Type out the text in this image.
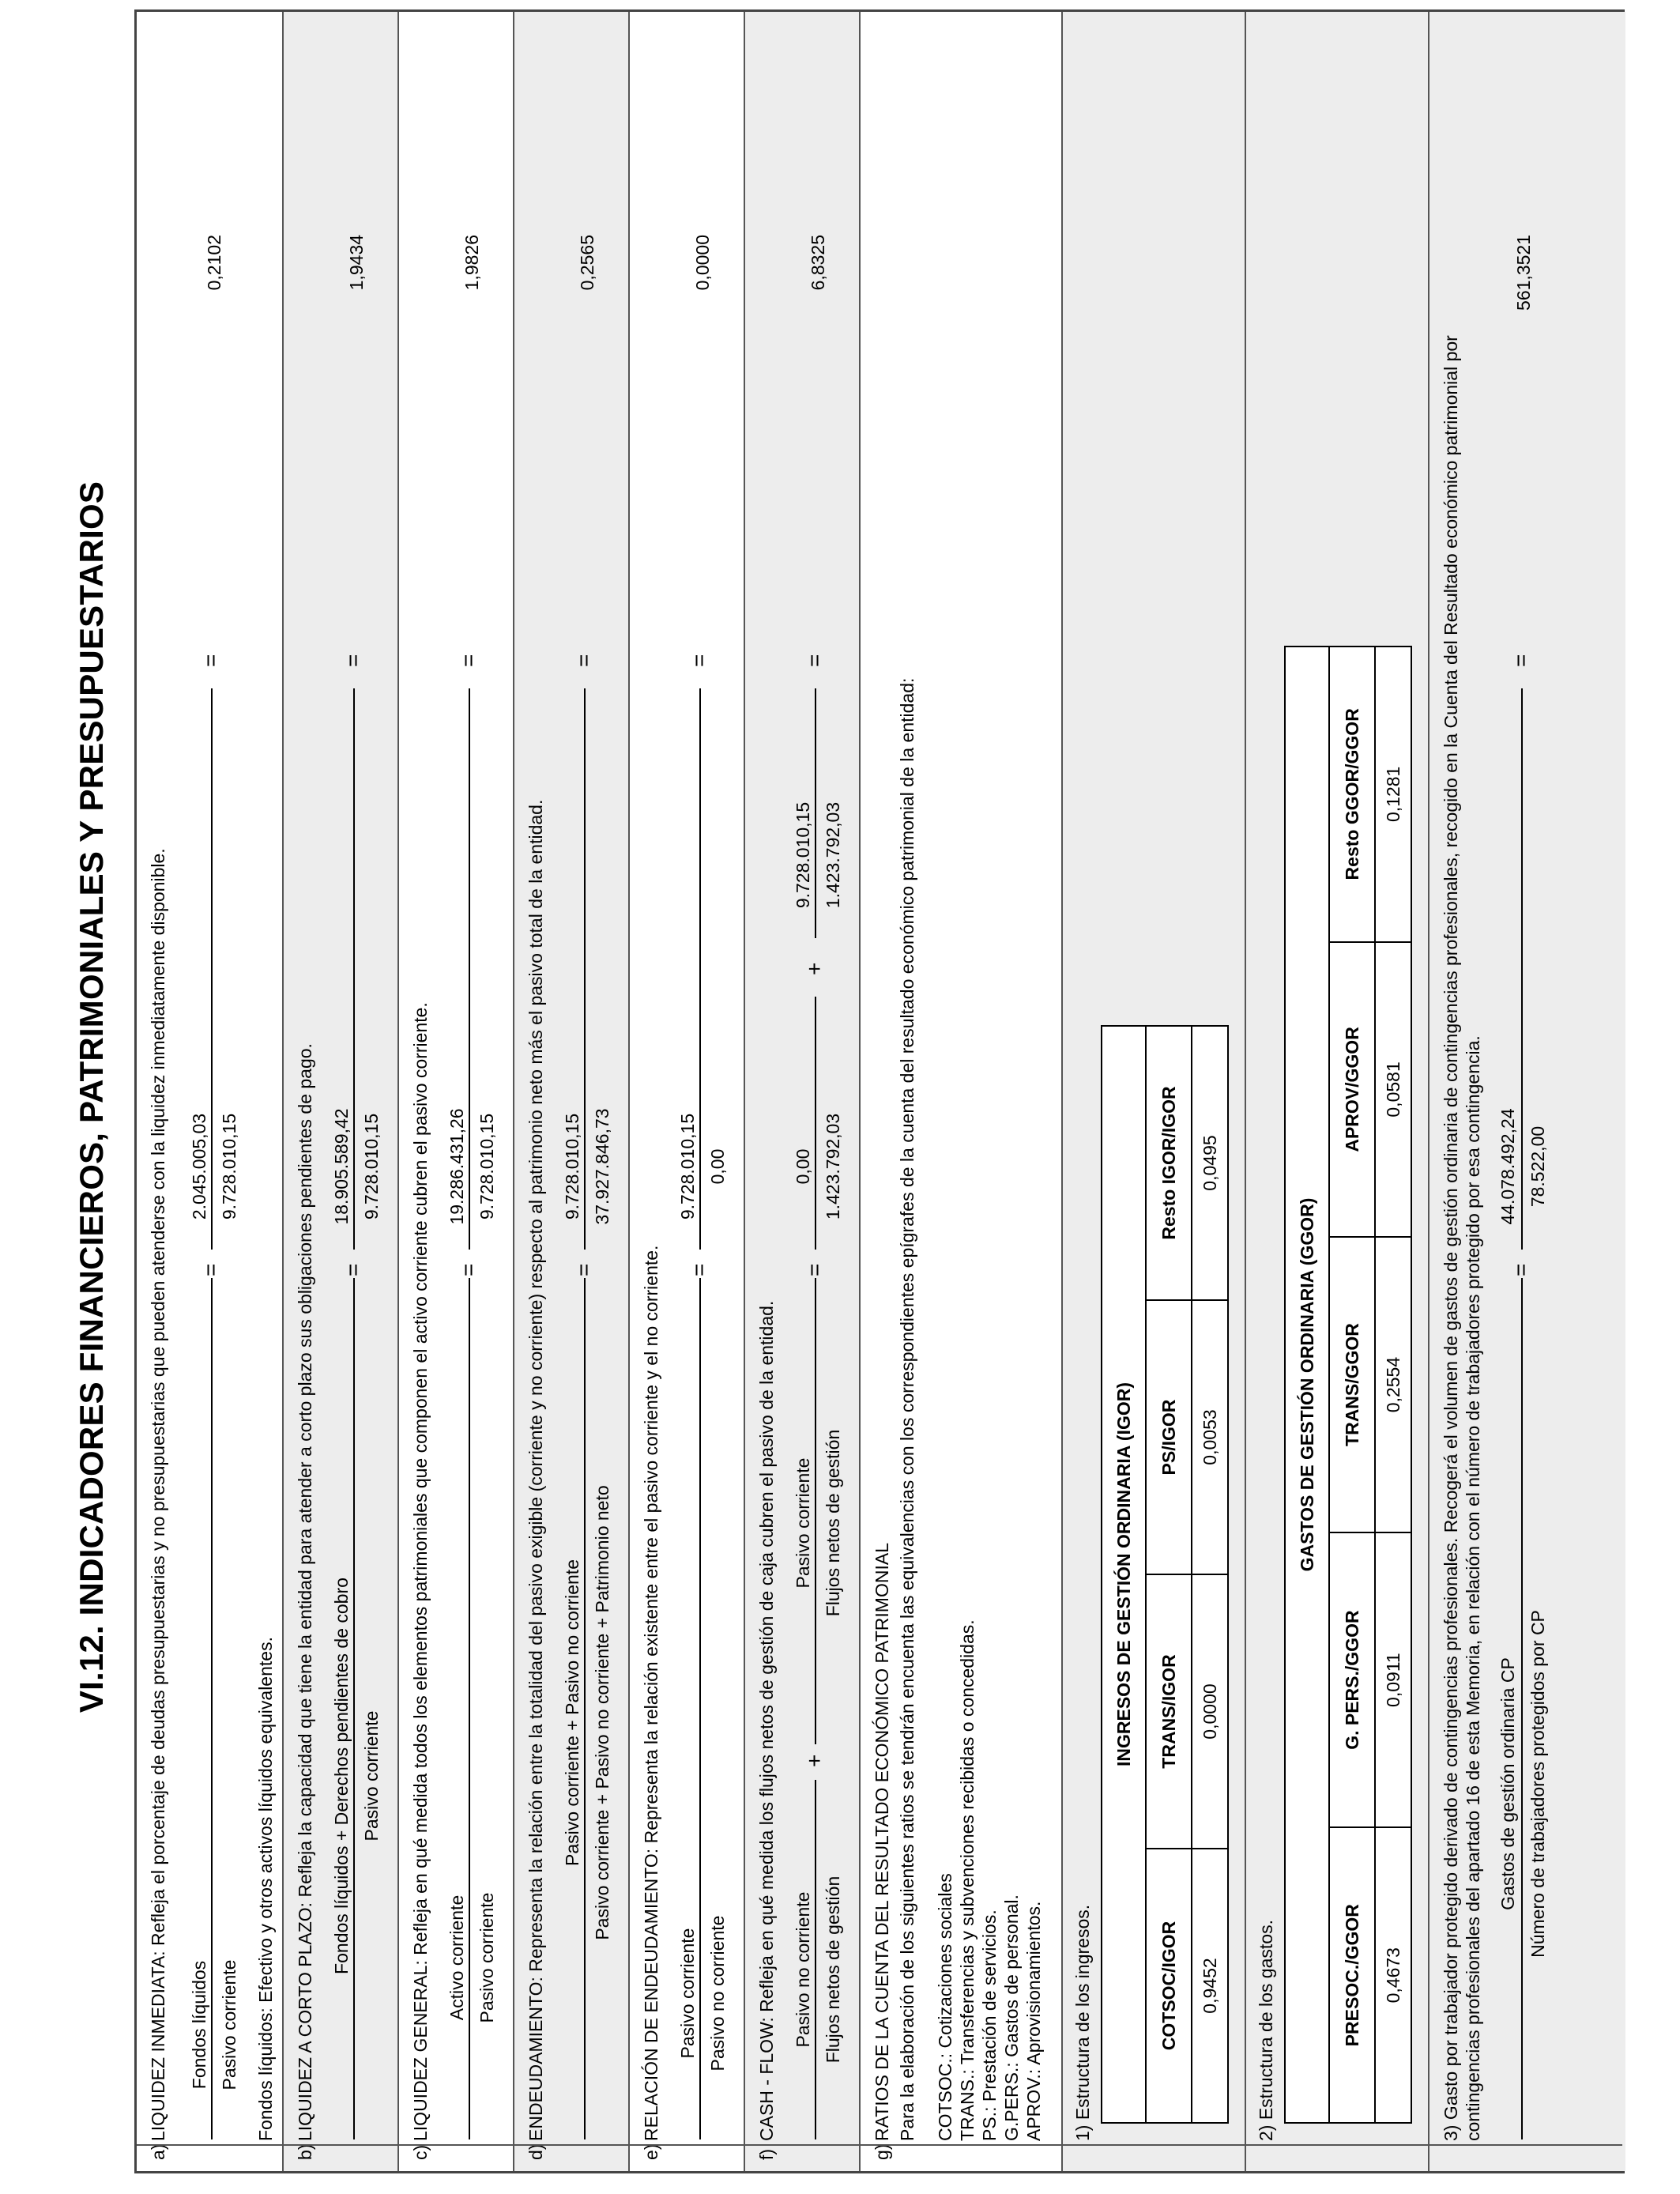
VI.12. INDICADORES FINANCIEROS, PATRIMONIALES Y PRESUPUESTARIOS
a)
LIQUIDEZ INMEDIATA: Refleja el porcentaje de deudas presupuestarias y no presupuestarias que pueden atenderse con la liquidez inmediatamente disponible. Fondos líquidos Pasivo corriente
=
2.045.005,03 9.728.010,15
=
0,2102
Fondos líquidos: Efectivo y otros activos líquidos equivalentes.
b)
LIQUIDEZ A CORTO PLAZO: Refleja la capacidad que tiene la entidad para atender a corto plazo sus obligaciones pendientes de pago. Fondos líquidos + Derechos pendientes de cobro Pasivo corriente
=
18.905.589,42 9.728.010,15
=
1,9434
c)
LIQUIDEZ GENERAL: Refleja en qué medida todos los elementos patrimoniales que componen el activo corriente cubren el pasivo corriente. Activo corriente Pasivo corriente
=
19.286.431,26 9.728.010,15
=
1,9826
d)
ENDEUDAMIENTO: Representa la relación entre la totalidad del pasivo exigible (corriente y no corriente) respecto al patrimonio neto más el pasivo total de la entidad. Pasivo corriente + Pasivo no corriente Pasivo corriente + Pasivo no corriente + Patrimonio neto
=
9.728.010,15 37.927.846,73
=
0,2565
e)
RELACIÓN DE ENDEUDAMIENTO: Representa la relación existente entre el pasivo corriente y el no corriente. Pasivo corriente Pasivo no corriente
=
9.728.010,15 0,00
=
0,0000
f)
CASH - FLOW: Refleja en qué medida los flujos netos de gestión de caja cubren el pasivo de la entidad. Pasivo no corriente Flujos netos de gestión
+
Pasivo corriente Flujos netos de gestión
=
0,00 1.423.792,03
+
9.728.010,15 1.423.792,03
=
6,8325
g)
RATIOS DE LA CUENTA DEL RESULTADO ECONÓMICO PATRIMONIAL Para la elaboración de los siguientes ratios se tendrán encuenta las equivalencias con los correspondientes epígrafes de la cuenta del resultado económico patrimonial de la entidad: COTSOC.: Cotizaciones sociales TRANS.: Transferencias y subvenciones recibidas o concedidas. PS.: Prestación de servicios. G.PERS.: Gastos de personal. APROV.: Aprovisionamientos. 1) Estructura de los ingresos.
INGRESOS DE GESTIÓN ORDINARIA (IGOR)			
COTSOC/IGOR	TRANS/IGOR	PS/IGOR	Resto IGOR/IGOR
0,9452	0,0000	0,0053	0,0495
2) Estructura de los gastos.
GASTOS DE GESTIÓN ORDINARIA (GGOR)				
PRESOC./GGOR	G. PERS./GGOR	TRANS/GGOR	APROV/GGOR	Resto GGOR/GGOR
0,4673	0,0911	0,2554	0,0581	0,1281 3) Gasto por trabajador protegido derivado de contingencias profesionales. Recogerá el volumen de gastos de gestión ordinaria de contingencias profesionales, recogido en la Cuenta del Resultado económico patrimonial por contingencias profesionales del apartado 16 de esta Memoria, en relación con el número de trabajadores protegido por esa contingencia. Gastos de gestión ordinaria CP Número de trabajadores protegidos por CP
=
44.078.492,24 78.522,00
=
561,3521
